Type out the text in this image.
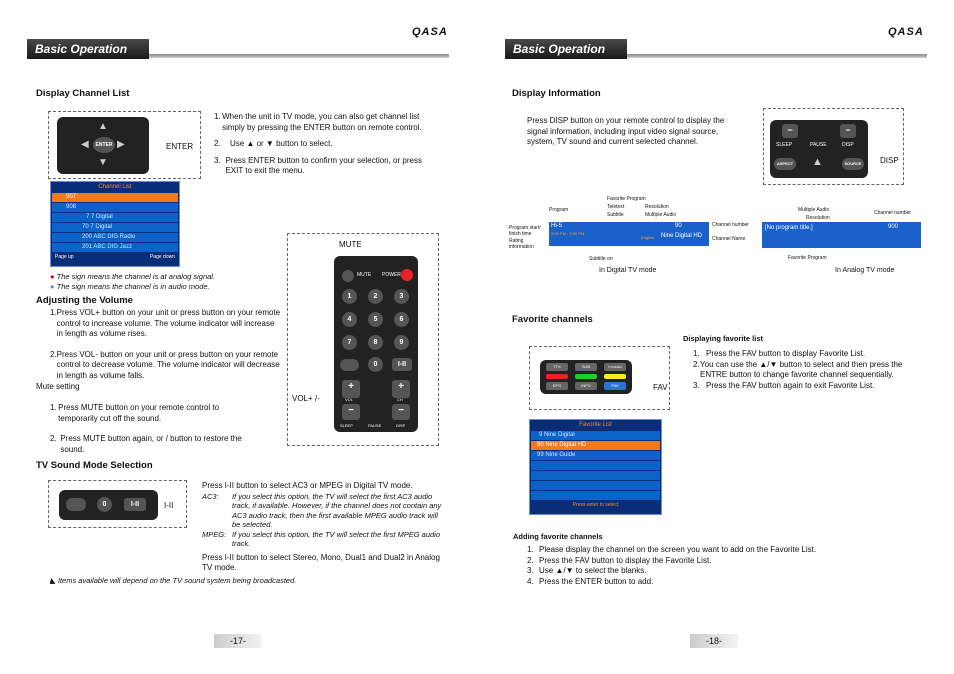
QASA
Basic Operation
Display Channel List
ENTER
▲
▼
◀	▶	ENTER
1. When the unit in TV mode, you can also get channel list simply by pressing the ENTER button on remote control.
2.	Use ▲ or ▼ button to select.
3. Press ENTER button to confirm your selection, or press EXIT to exit the menu.
Channel List
907
908
7 7 Digital
70 7 Digital
200 ABC DIG Radio
201 ABC DIG Jazz
Page up	Page down
● The sign means the channel is at analog signal.
● The sign means the channel is in audio mode.
Adjusting the Volume
1. Press VOL+ button on your unit or press button on your remote control to increase volume. The volume indicator will increase in length as volume rises.
2. Press VOL- button on your unit or press button on your remote control to decrease volume. The volume indicator will decrease in length as volume falls.
Mute setting
1. Press MUTE button on your remote control to temporarily cut off the sound.
2. Press MUTE button again, or / button to restore the sound.
MUTE
VOL+ /-
MUTE POWER
1	2	3
4	5	6
7	8	9
0	I-II
+
VOL
+
CH
−	−
SLEEP	PAUSE	DISP
TV Sound Mode Selection
0	I-II	I-II
Press I-II button to select AC3 or MPEG in Digital TV mode.
AC3:	If you select this option, the TV will select the first AC3 audio track, if available. However, if the channel does not contain any AC3 audio track, then the first available MPEG audio track will be selected.
MPEG: If you select this option, the TV will select the first MPEG audio track.
Press I-II button to select Stereo, Mono, Dual1 and Dual2 in Analog TV mode.
◣ Items available will depend on the TV sound system being broadcasted.
-17-
QASA
Basic Operation
Display Information
Press DISP button on your remote control to display the signal information, including input video signal source, system, TV sound and current selected channel.
−	−
SLEEP	PAUSE	DISP
ASPECT ▲	SOURCE	DISP
Favorite Program
Teletext	Resolution
Subtitle	Multiple Audio
Program
Channel number
Program start/ finish time
Rating information
Channel Name
Hi-5	90
9:00 PM - 9:30 PM
English Nine Digital HD
Subtitle on
In Digital TV mode
Multiple Audio
Resolution
Channel number
[No program title.]	900
Favorite Program
In Analog TV mode
Favorite channels
Displaying favorite list
TTX	SUB	TV/VIDEO
EPG	INFO	FAV	FAV
1. Press the FAV button to display Favorite List.
2. You can use the ▲/▼ button to select and then press the ENTRE button to change favorite channel sequentially.
3. Press the FAV button again to exit Favorite List.
Favorite List
9 Nine Digital
90 Nine Digital HD
99 Nine Guide
Press enter to select
Adding favorite channels
1. Please display the channel on the screen you want to add on the Favorite List.
2. Press the FAV button to display the Favorite List.
3. Use ▲/▼ to select the blanks.
4. Press the ENTER button to add.
-18-
